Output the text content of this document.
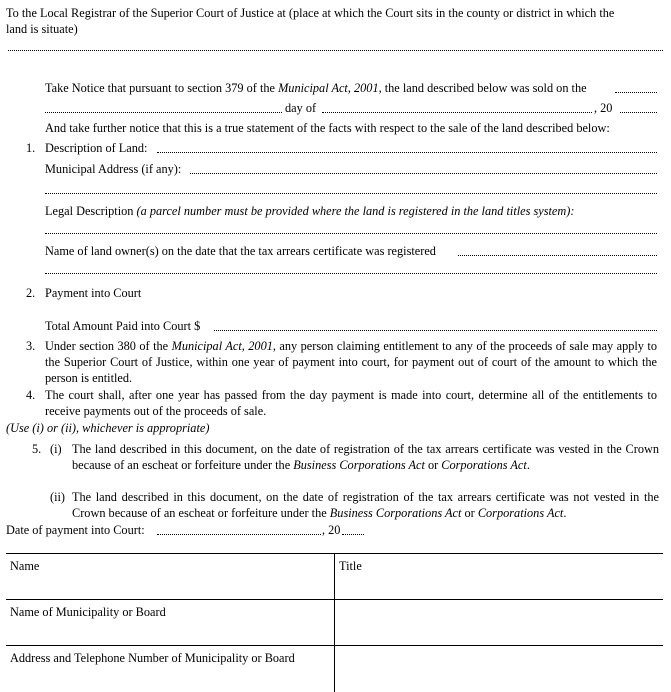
To the Local Registrar of the Superior Court of Justice at (place at which the Court sits in the county or district in which the
land is situate)
Take Notice that pursuant to section 379 of the Municipal Act, 2001, the land described below was sold on the
day of	, 20
And take further notice that this is a true statement of the facts with respect to the sale of the land described below:
1. Description of Land:
Municipal Address (if any):
Legal Description (a parcel number must be provided where the land is registered in the land titles system):
Name of land owner(s) on the date that the tax arrears certificate was registered
2. Payment into Court
Total Amount Paid into Court $
3. Under section 380 of the Municipal Act, 2001, any person claiming entitlement to any of the proceeds of sale may apply to the Superior Court of Justice, within one year of payment into court, for payment out of court of the amount to which the person is entitled.
4. The court shall, after one year has passed from the day payment is made into court, determine all of the entitlements to receive payments out of the proceeds of sale.
(Use (i) or (ii), whichever is appropriate)
5. (i) The land described in this document, on the date of registration of the tax arrears certificate was vested in the Crown because of an escheat or forfeiture under the Business Corporations Act or Corporations Act.
(ii) The land described in this document, on the date of registration of the tax arrears certificate was not vested in the Crown because of an escheat or forfeiture under the Business Corporations Act or Corporations Act.
Date of payment into Court:	, 20
Name	Title
Name of Municipality or Board	
Address and Telephone Number of Municipality or Board	
